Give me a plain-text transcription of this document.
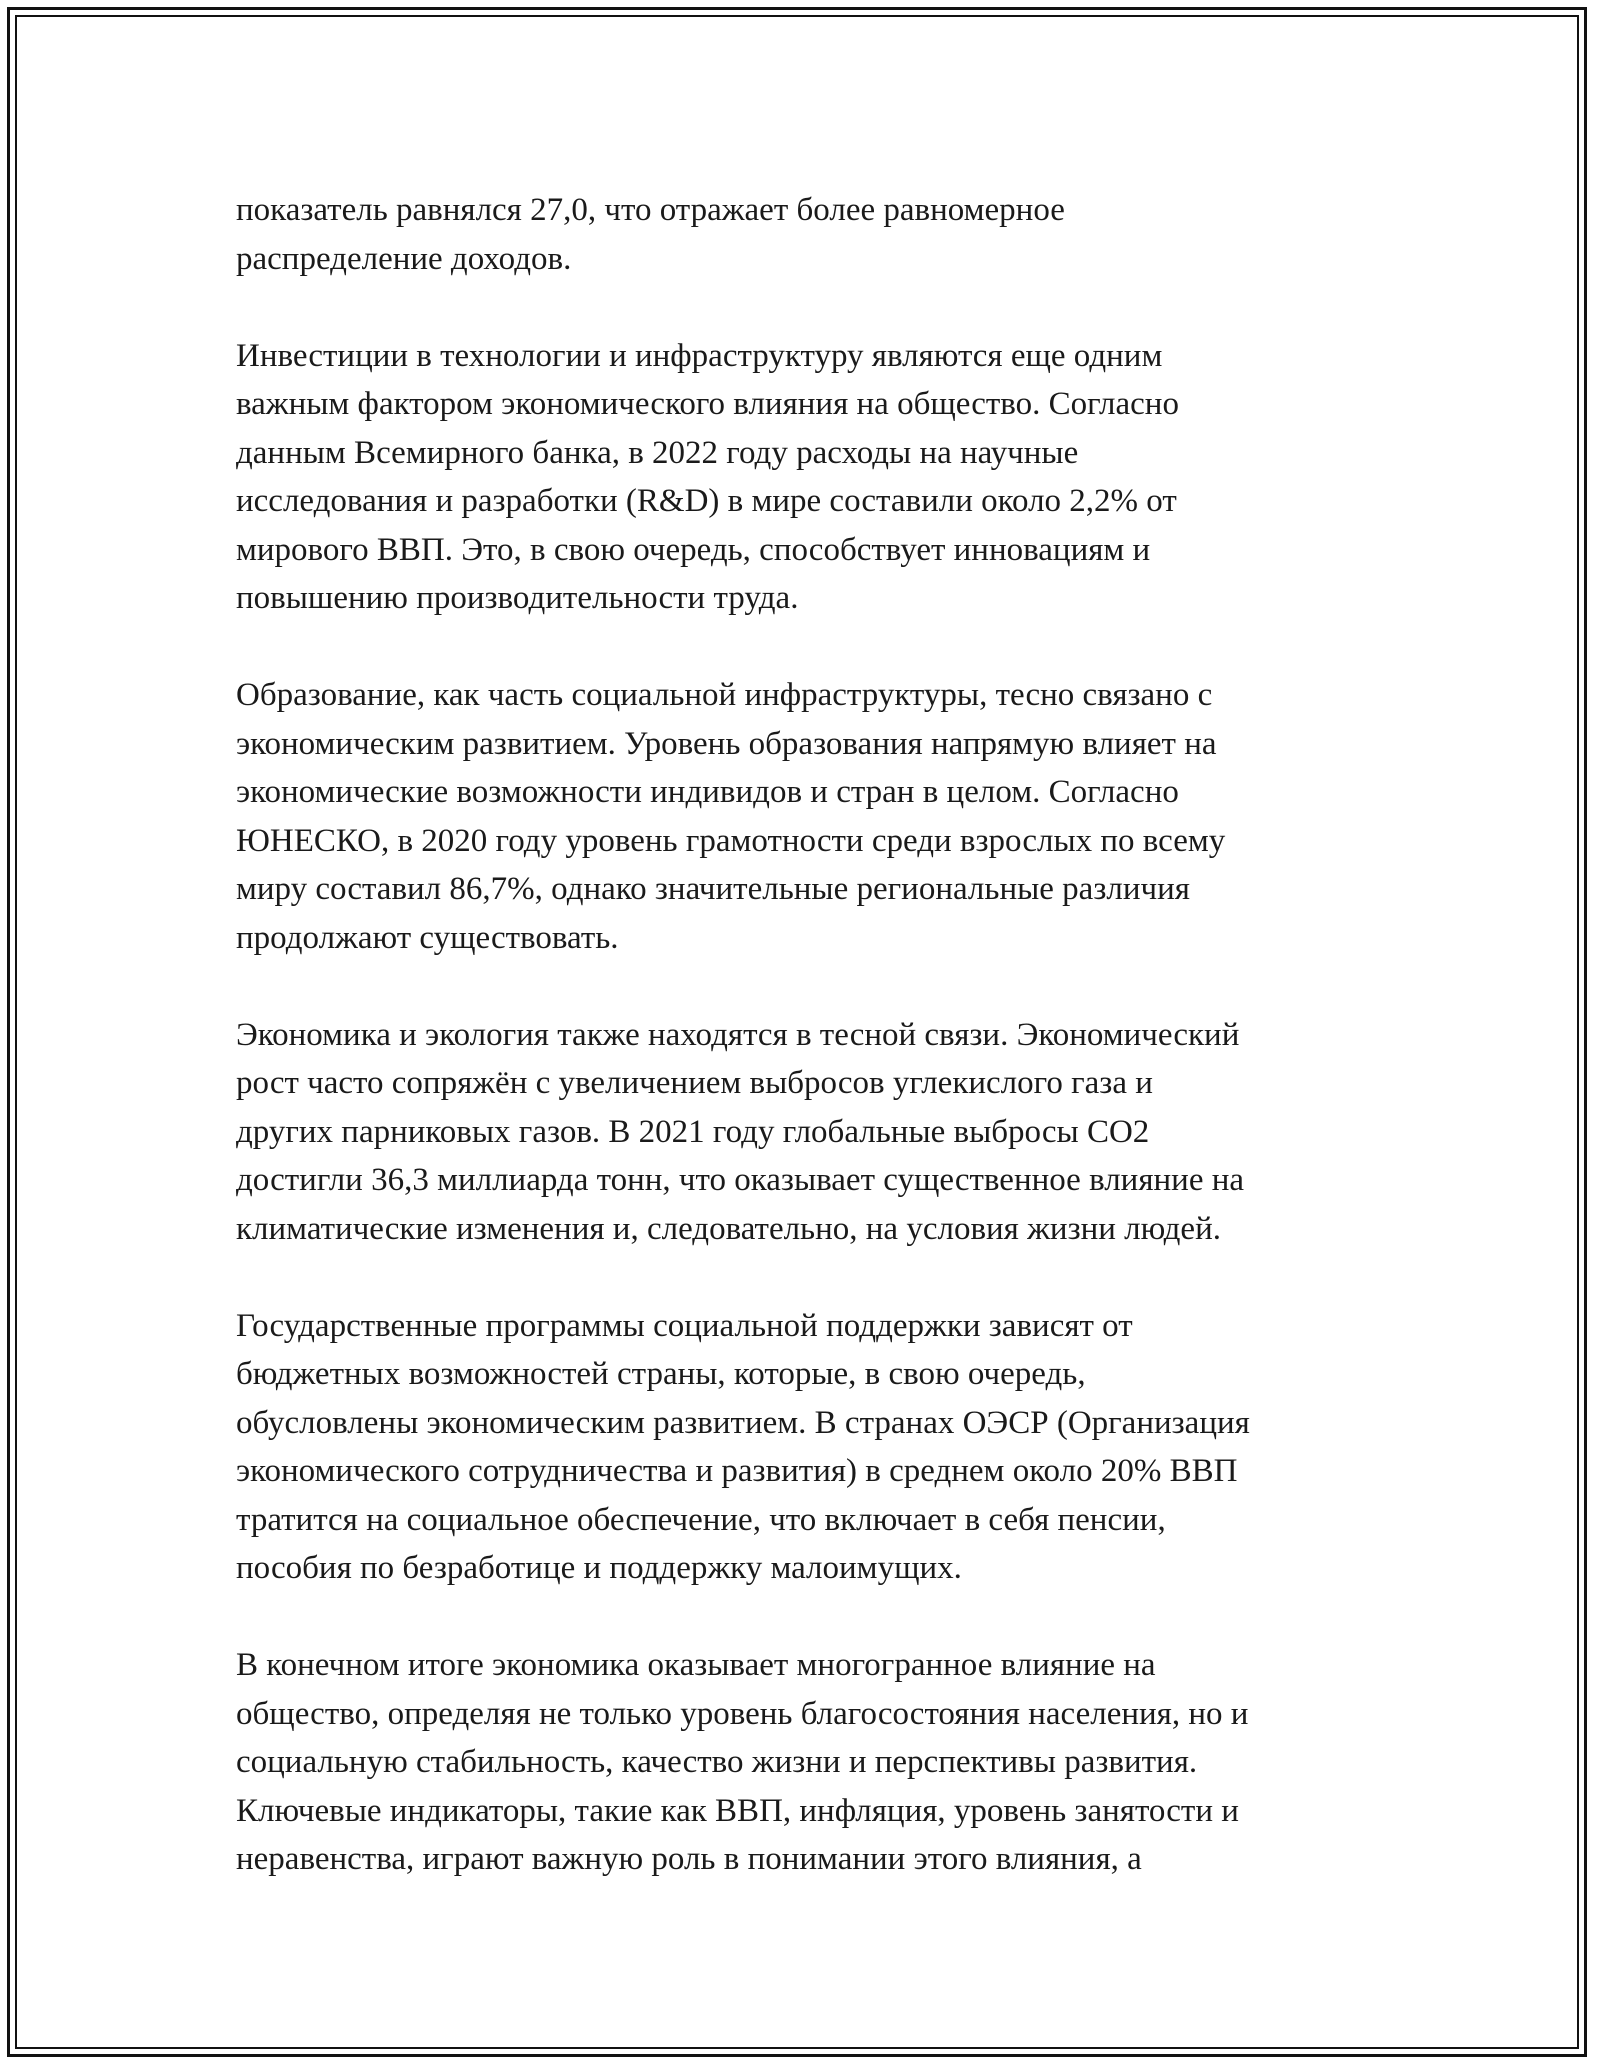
показатель равнялся 27,0, что отражает более равномерное
распределение доходов.

Инвестиции в технологии и инфраструктуру являются еще одним
важным фактором экономического влияния на общество. Согласно
данным Всемирного банка, в 2022 году расходы на научные
исследования и разработки (R&D) в мире составили около 2,2% от
мирового ВВП. Это, в свою очередь, способствует инновациям и
повышению производительности труда.

Образование, как часть социальной инфраструктуры, тесно связано с
экономическим развитием. Уровень образования напрямую влияет на
экономические возможности индивидов и стран в целом. Согласно
ЮНЕСКО, в 2020 году уровень грамотности среди взрослых по всему
миру составил 86,7%, однако значительные региональные различия
продолжают существовать.

Экономика и экология также находятся в тесной связи. Экономический
рост часто сопряжён с увеличением выбросов углекислого газа и
других парниковых газов. В 2021 году глобальные выбросы CO2
достигли 36,3 миллиарда тонн, что оказывает существенное влияние на
климатические изменения и, следовательно, на условия жизни людей.

Государственные программы социальной поддержки зависят от
бюджетных возможностей страны, которые, в свою очередь,
обусловлены экономическим развитием. В странах ОЭСР (Организация
экономического сотрудничества и развития) в среднем около 20% ВВП
тратится на социальное обеспечение, что включает в себя пенсии,
пособия по безработице и поддержку малоимущих.

В конечном итоге экономика оказывает многогранное влияние на
общество, определяя не только уровень благосостояния населения, но и
социальную стабильность, качество жизни и перспективы развития.
Ключевые индикаторы, такие как ВВП, инфляция, уровень занятости и
неравенства, играют важную роль в понимании этого влияния, а
